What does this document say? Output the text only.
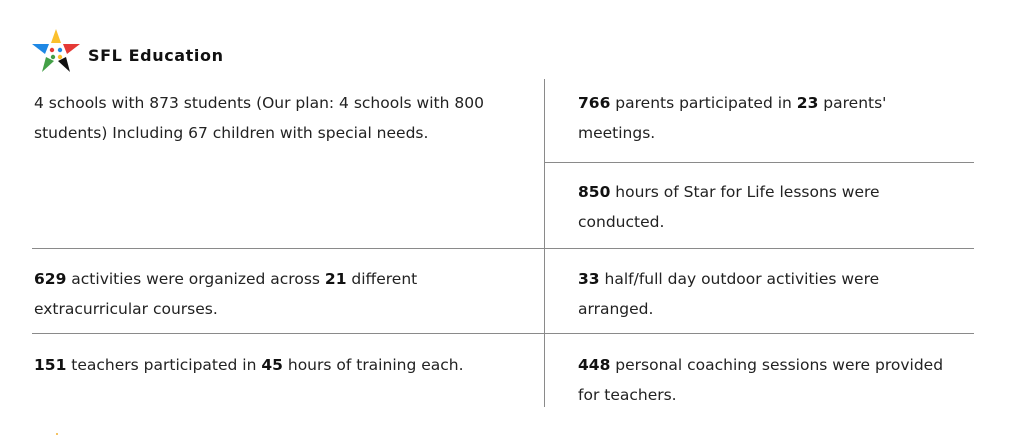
SFL Education
4 schools with 873 students (Our plan: 4 schools with 800 students) Including 67 children with special needs.
629 activities were organized across 21 different extracurricular courses.
151 teachers participated in 45 hours of training each.
766 parents participated in 23 parents' meetings.
850 hours of Star for Life lessons were conducted.
33 half/full day outdoor activities were arranged.
448 personal coaching sessions were provided for teachers.
